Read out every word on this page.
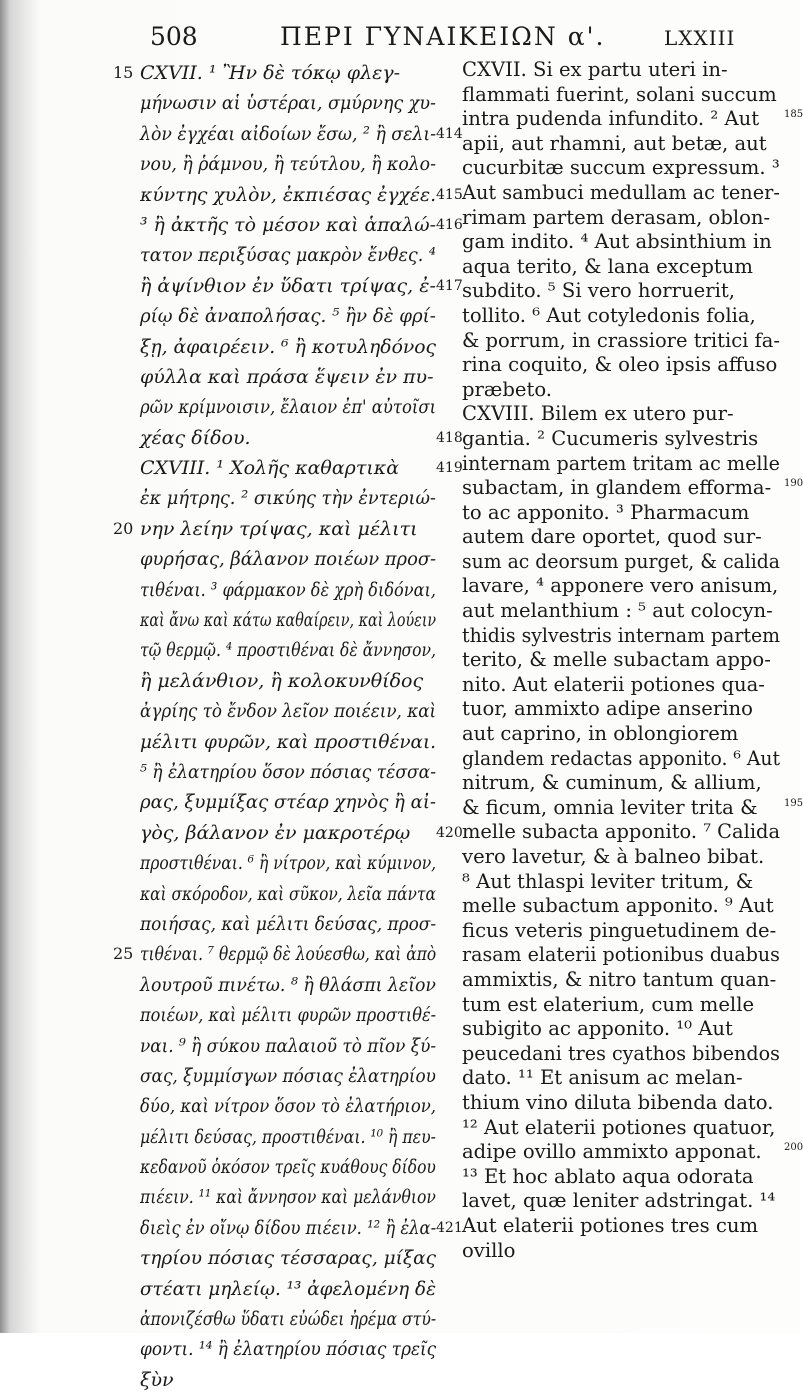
508	ΠΕΡΙ ΓΥΝΑΙΚΕΙΩΝ α'.	LXXIII
15 CXVII. ¹ Ἢν δὲ τόκῳ φλεγ-
μήνωσιν αἱ ὑστέραι, σμύρνης χυ-
λὸν ἐγχέαι αἰδοίων ἔσω, ² ἢ σελι- 414
νου, ἢ ῥάμνου, ἢ τεύτλου, ἢ κολο-
κύντης χυλὸν, ἐκπιέσας ἐγχέε. 415
³ ἢ ἀκτῆς τὸ μέσον καὶ ἁπαλώ- 416
τατον περιξύσας μακρὸν ἔνθες. ⁴
ἢ ἀψίνθιον ἐν ὕδατι τρίψας, ἐ- 417
ρίῳ δὲ ἀναπολήσας. ⁵ ἢν δὲ φρί-
ξῃ, ἀφαιρέειν. ⁶ ἢ κοτυληδόνος
φύλλα καὶ πράσα ἕψειν ἐν πυ-
ρῶν κρίμνοισιν, ἔλαιον ἐπ' αὐτοῖσι
χέας δίδου.	418
CXVIII. ¹ Χολῆς καθαρτικὰ	419
ἐκ μήτρης. ² σικύης τὴν ἐντεριώ-
20 νην λείην τρίψας, καὶ μέλιτι
φυρήσας, βάλανον ποιέων προσ-
τιθέναι. ³ φάρμακον δὲ χρὴ διδόναι,
καὶ ἄνω καὶ κάτω καθαίρειν, καὶ λούειν
τῷ θερμῷ. ⁴ προστιθέναι δὲ ἄννησον,
ἢ μελάνθιον, ἢ κολοκυνθίδος
ἀγρίης τὸ ἔνδον λεῖον ποιέειν, καὶ
μέλιτι φυρῶν, καὶ προστιθέναι.
⁵ ἢ ἐλατηρίου ὅσον πόσιας τέσσα-
ρας, ξυμμίξας στέαρ χηνὸς ἢ αἰ-
γὸς, βάλανον ἐν μακροτέρῳ 420
προστιθέναι. ⁶ ἢ νίτρον, καὶ κύμινον,
καὶ σκόροδον, καὶ σῦκον, λεῖα πάντα
ποιήσας, καὶ μέλιτι δεύσας, προσ-
25 τιθέναι. ⁷ θερμῷ δὲ λούεσθω, καὶ ἀπὸ
λουτροῦ πινέτω. ⁸ ἢ θλάσπι λεῖον
ποιέων, καὶ μέλιτι φυρῶν προστιθέ-
ναι. ⁹ ἢ σύκου παλαιοῦ τὸ πῖον ξύ-
σας, ξυμμίσγων πόσιας ἐλατηρίου
δύο, καὶ νίτρον ὅσον τὸ ἐλατήριον,
μέλιτι δεύσας, προστιθέναι. ¹⁰ ἢ πευ-
κεδανοῦ ὁκόσον τρεῖς κυάθους δίδου
πιέειν. ¹¹ καὶ ἄννησον καὶ μελάνθιον
διεὶς ἐν οἴνῳ δίδου πιέειν. ¹² ἢ ἐλα- 421
τηρίου πόσιας τέσσαρας, μίξας
στέατι μηλείῳ. ¹³ ἀφελομένη δὲ
ἀπονιζέσθω ὕδατι εὐώδει ἠρέμα στύ-
φοντι. ¹⁴ ἢ ἐλατηρίου πόσιας τρεῖς
ξὺν
CXVII. Si ex partu uteri in-
flammati fuerint, solani succum
intra pudenda infundito. ² Aut 185
apii, aut rhamni, aut betæ, aut
cucurbitæ succum expressum. ³
Aut sambuci medullam ac tener-
rimam partem derasam, oblon-
gam indito. ⁴ Aut absinthium in
aqua terito, & lana exceptum
subdito. ⁵ Si vero horruerit,
tollito. ⁶ Aut cotyledonis folia,
& porrum, in crassiore tritici fa-
rina coquito, & oleo ipsis affuso
præbeto.
CXVIII. Bilem ex utero pur-
gantia. ² Cucumeris sylvestris
internam partem tritam ac melle
subactam, in glandem efforma- 190
to ac apponito. ³ Pharmacum
autem dare oportet, quod sur-
sum ac deorsum purget, & calida
lavare, ⁴ apponere vero anisum,
aut melanthium : ⁵ aut colocyn-
thidis sylvestris internam partem
terito, & melle subactam appo-
nito. Aut elaterii potiones qua-
tuor, ammixto adipe anserino
aut caprino, in oblongiorem
glandem redactas apponito. ⁶ Aut
nitrum, & cuminum, & allium,
& ficum, omnia leviter trita &	195
melle subacta apponito. ⁷ Calida
vero lavetur, & à balneo bibat.
⁸ Aut thlaspi leviter tritum, &
melle subactum apponito. ⁹ Aut
ficus veteris pinguetudinem de-
rasam elaterii potionibus duabus
ammixtis, & nitro tantum quan-
tum est elaterium, cum melle
subigito ac apponito. ¹⁰ Aut
peucedani tres cyathos bibendos
dato. ¹¹ Et anisum ac melan-
thium vino diluta bibenda dato.
¹² Aut elaterii potiones quatuor,
adipe ovillo ammixto apponat. 200
¹³ Et hoc ablato aqua odorata
lavet, quæ leniter adstringat. ¹⁴
Aut elaterii potiones tres cum
ovillo
